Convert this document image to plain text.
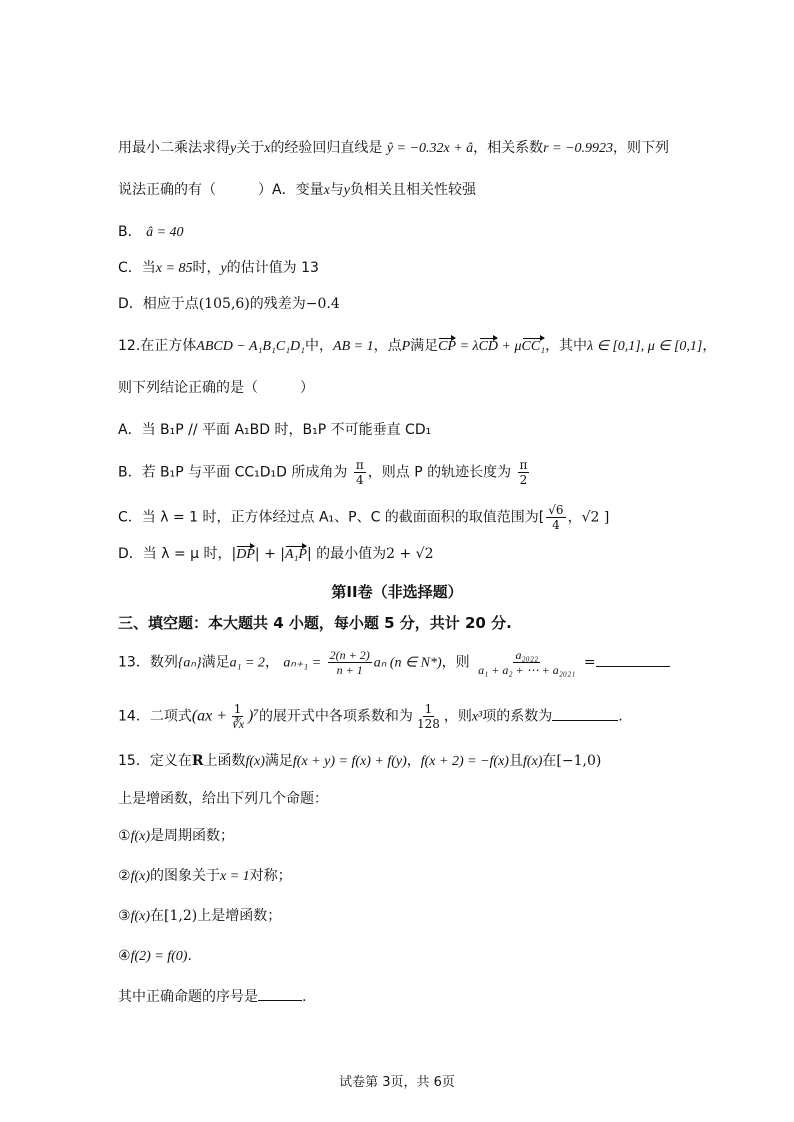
用最小二乘法求得y关于x的经验回归直线是 ŷ = −0.32x + â，相关系数r = −0.9923，则下列
说法正确的有（　　　）A．变量x与y负相关且相关性较强
B． â = 40
C．当x = 85时，y的估计值为 13
D．相应于点(105,6)的残差为−0.4
12.在正方体ABCD − A₁B₁C₁D₁中，AB = 1，点P满足CP = λCD + μCC₁，其中λ ∈ [0,1], μ ∈ [0,1]，
则下列结论正确的是（　　　）
A．当 B₁P // 平面 A₁BD 时，B₁P 不可能垂直 CD₁
B．若 B₁P 与平面 CC₁D₁D 所成角为 $\frac{\pi}{4}$ ，则点 P 的轨迹长度为 $\frac{\pi}{2}$
C．当 λ = 1 时，正方体经过点 A₁、P、C 的截面面积的取值范围为[ $\frac{√6}{4}$ ，√2 ]
D．当 λ = μ 时，|DP| + |A₁P| 的最小值为2 + √2
第II卷（非选择题）
三、填空题：本大题共 4 小题，每小题 5 分，共计 20 分.
13．数列{aₙ}满足a₁ = 2， $a_{n+1} = \frac{2(n + 2)}{n + 1}$ aₙ (n ∈ N*)，则 $\frac{\text{a₂₀₂₂}}{\text{a₁ + a₂ + ⋯ + a₂₀₂₁}}$ =
14．二项式$(ax + \frac{1}{∛x} )^7$的展开式中各项系数和为 $\frac{1}{128}$ ，则x³项的系数为	.
15．定义在R上函数f(x)满足f(x + y) = f(x) + f(y)，f(x + 2) = −f(x)且f(x)在[−1,0)
上是增函数，给出下列几个命题：
①f(x)是周期函数；
②f(x)的图象关于x = 1对称；
③f(x)在[1,2)上是增函数；
④f(2) = f(0).
其中正确命题的序号是	.
试卷第 3页，共 6页
